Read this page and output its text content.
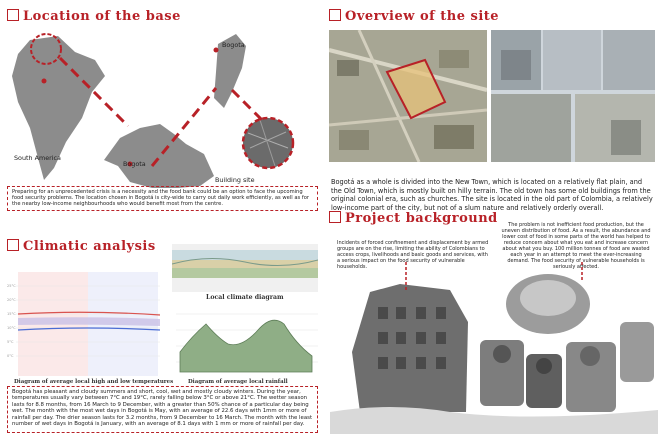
Location of the base
Bogota
South America
Bogota
Building site
Preparing for an unprecedented crisis is a necessity and the food bank could be an option to face the upcoming food security problems. The location chosen in Bogotá is city-wide to carry out daily work efficiently, as well as for the nearby low-income neighbourhoods who would benefit most from the centre.
Overview of the site
Bogotá as a whole is divided into the New Town, which is located on a relatively flat plain, and the Old Town, which is mostly built on hilly terrain. The old town has some old buildings from the original colonial era, such as churches. The site is located in the old part of Colombia, a relatively low-income part of the city, but not of a slum nature and relatively orderly overall.
Climatic analysis
25°C
20°C
15°C
10°C
5°C
0°C
Diagram of average local high and low temperatures
Local climate diagram
Diagram of average local rainfall
Bogotá has pleasant and cloudy summers and short, cool, wet and mostly cloudy winters. During the year, temperatures usually vary between 7°C and 19°C, rarely falling below 3°C or above 21°C. The wetter season lasts for 8.8 months, from 16 March to 9 December, with a greater than 50% chance of a particular day being wet. The month with the most wet days in Bogotá is May, with an average of 22.6 days with 1mm or more of rainfall per day. The drier season lasts for 3.2 months, from 9 December to 16 March. The month with the least number of wet days in Bogotá is January, with an average of 8.1 days with 1 mm or more of rainfall per day.
Project background
Incidents of forced confinement and displacement by armed groups are on the rise, limiting the ability of Colombians to access crops, livelihoods and basic goods and services, with a serious impact on the food security of vulnerable households.
The problem is not inefficient food production, but the uneven distribution of food. As a result, the abundance and lower cost of food in some parts of the world has helped to reduce concern about what you eat and increase concern about what you buy. 100 million tonnes of food are wasted each year in an attempt to meet the ever-increasing demand. The food security of vulnerable households is seriously affected.
